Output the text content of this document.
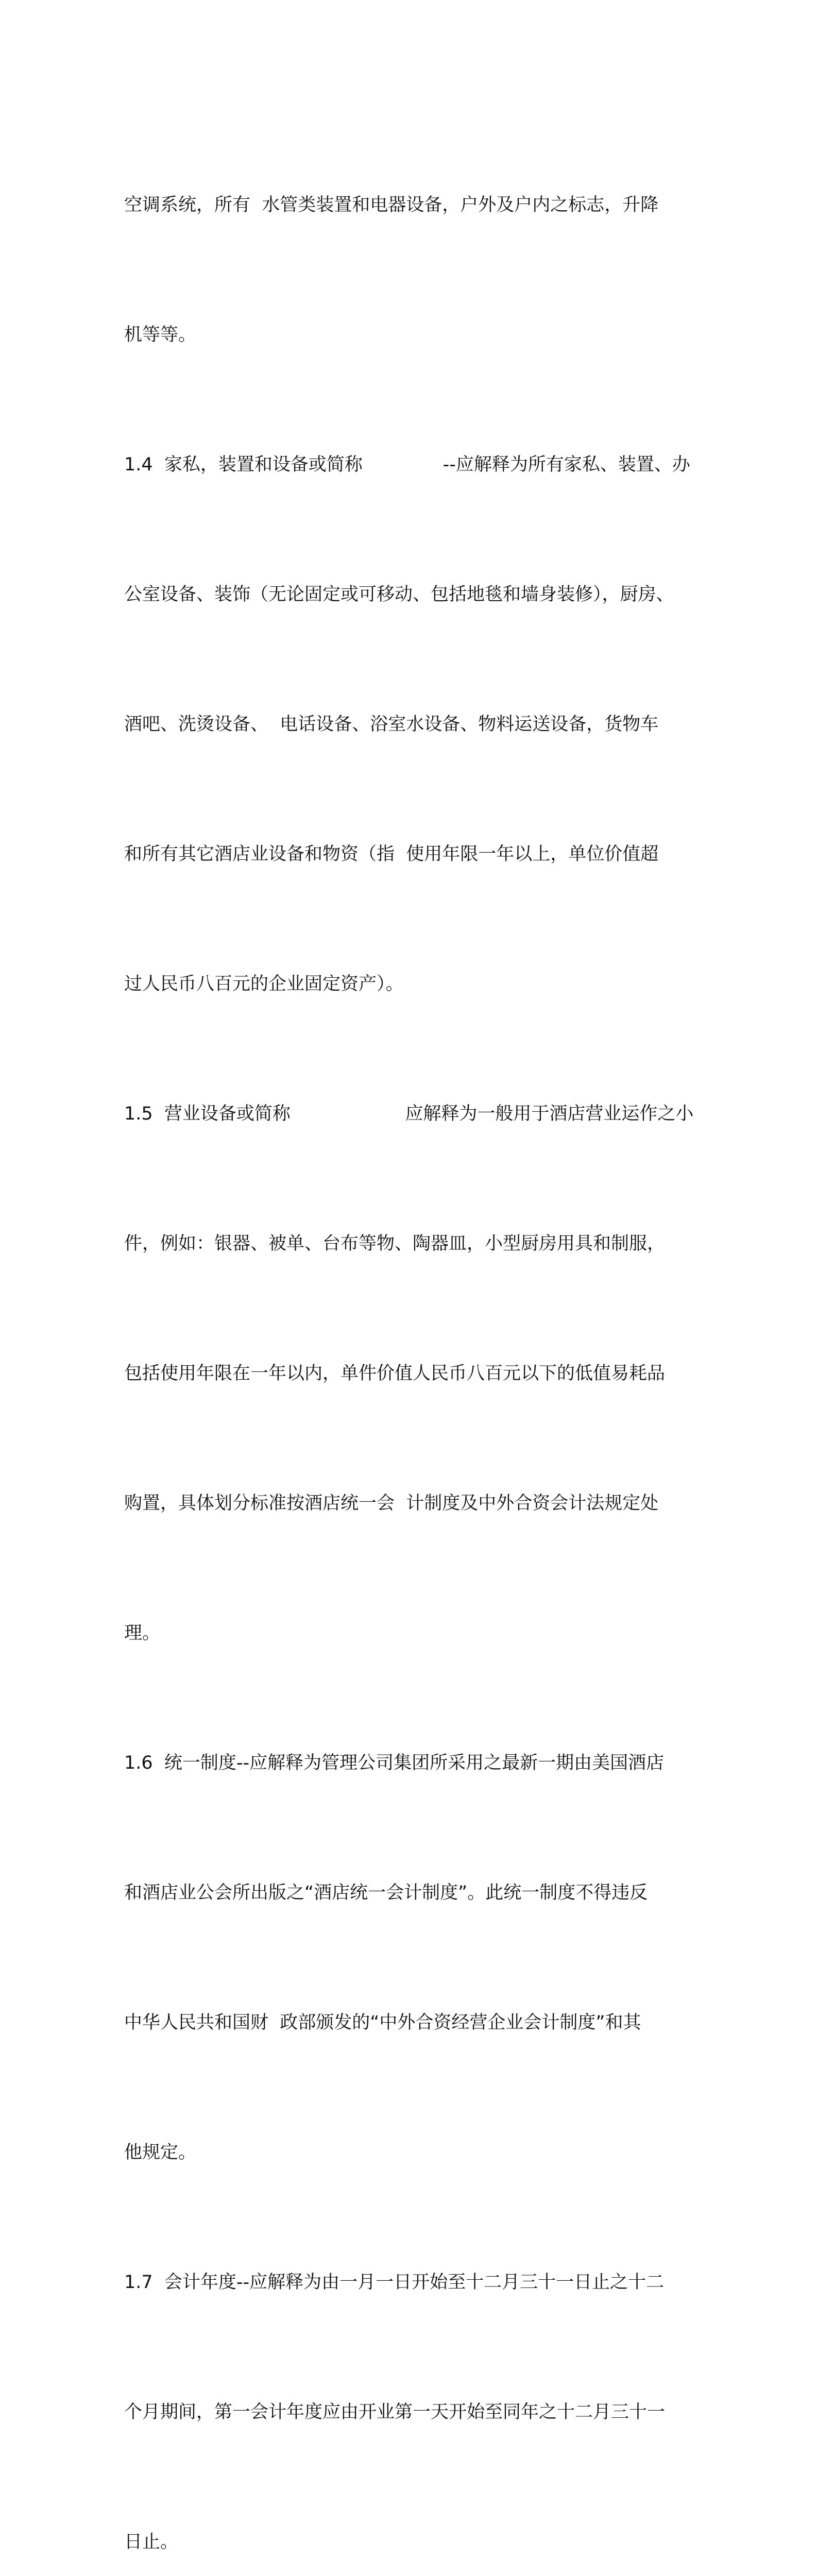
空调系统，所有  水管类装置和电器设备，户外及户内之标志，升降

机等等。

1.4  家私，装置和设备或简称              --应解释为所有家私、装置、办

公室设备、装饰（无论固定或可移动、包括地毯和墙身装修），厨房、

酒吧、洗烫设备、  电话设备、浴室水设备、物料运送设备，货物车

和所有其它酒店业设备和物资（指  使用年限一年以上，单位价值超

过人民币八百元的企业固定资产）。

1.5  营业设备或简称                    应解释为一般用于酒店营业运作之小

件，例如：银器、被单、台布等物、陶器皿，小型厨房用具和制服，

包括使用年限在一年以内，单件价值人民币八百元以下的低值易耗品

购置，具体划分标准按酒店统一会  计制度及中外合资会计法规定处

理。

1.6  统一制度--应解释为管理公司集团所采用之最新一期由美国酒店

和酒店业公会所出版之“酒店统一会计制度”。此统一制度不得违反

中华人民共和国财  政部颁发的“中外合资经营企业会计制度”和其

他规定。

1.7  会计年度--应解释为由一月一日开始至十二月三十一日止之十二

个月期间，第一会计年度应由开业第一天开始至同年之十二月三十一

日止。
